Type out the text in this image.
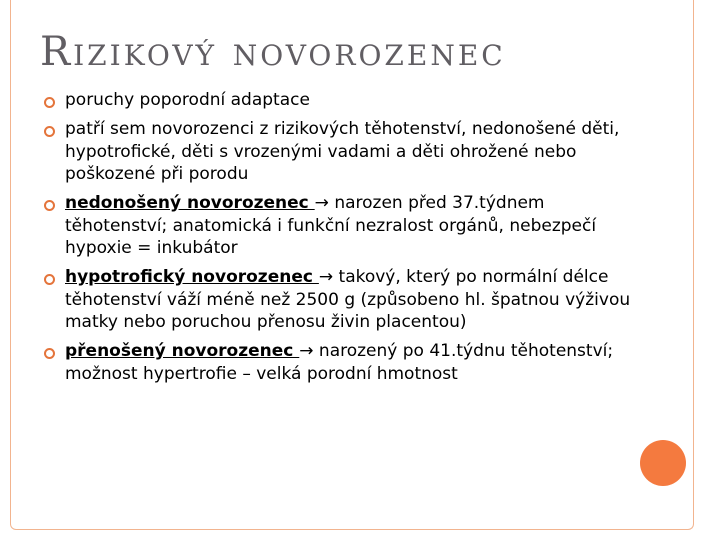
Rizikový novorozenec
poruchy poporodní adaptace
patří sem novorozenci z rizikových těhotenství, nedonošené děti, hypotrofické, děti s vrozenými vadami a děti ohrožené nebo poškozené při porodu
nedonošený novorozenec → narozen před 37.týdnem těhotenství; anatomická i funkční nezralost orgánů, nebezpečí hypoxie = inkubátor
hypotrofický novorozenec → takový, který po normální délce těhotenství váží méně než 2500 g (způsobeno hl. špatnou výživou matky nebo poruchou přenosu živin placentou)
přenošený novorozenec → narozený po 41.týdnu těhotenství; možnost hypertrofie – velká porodní hmotnost
